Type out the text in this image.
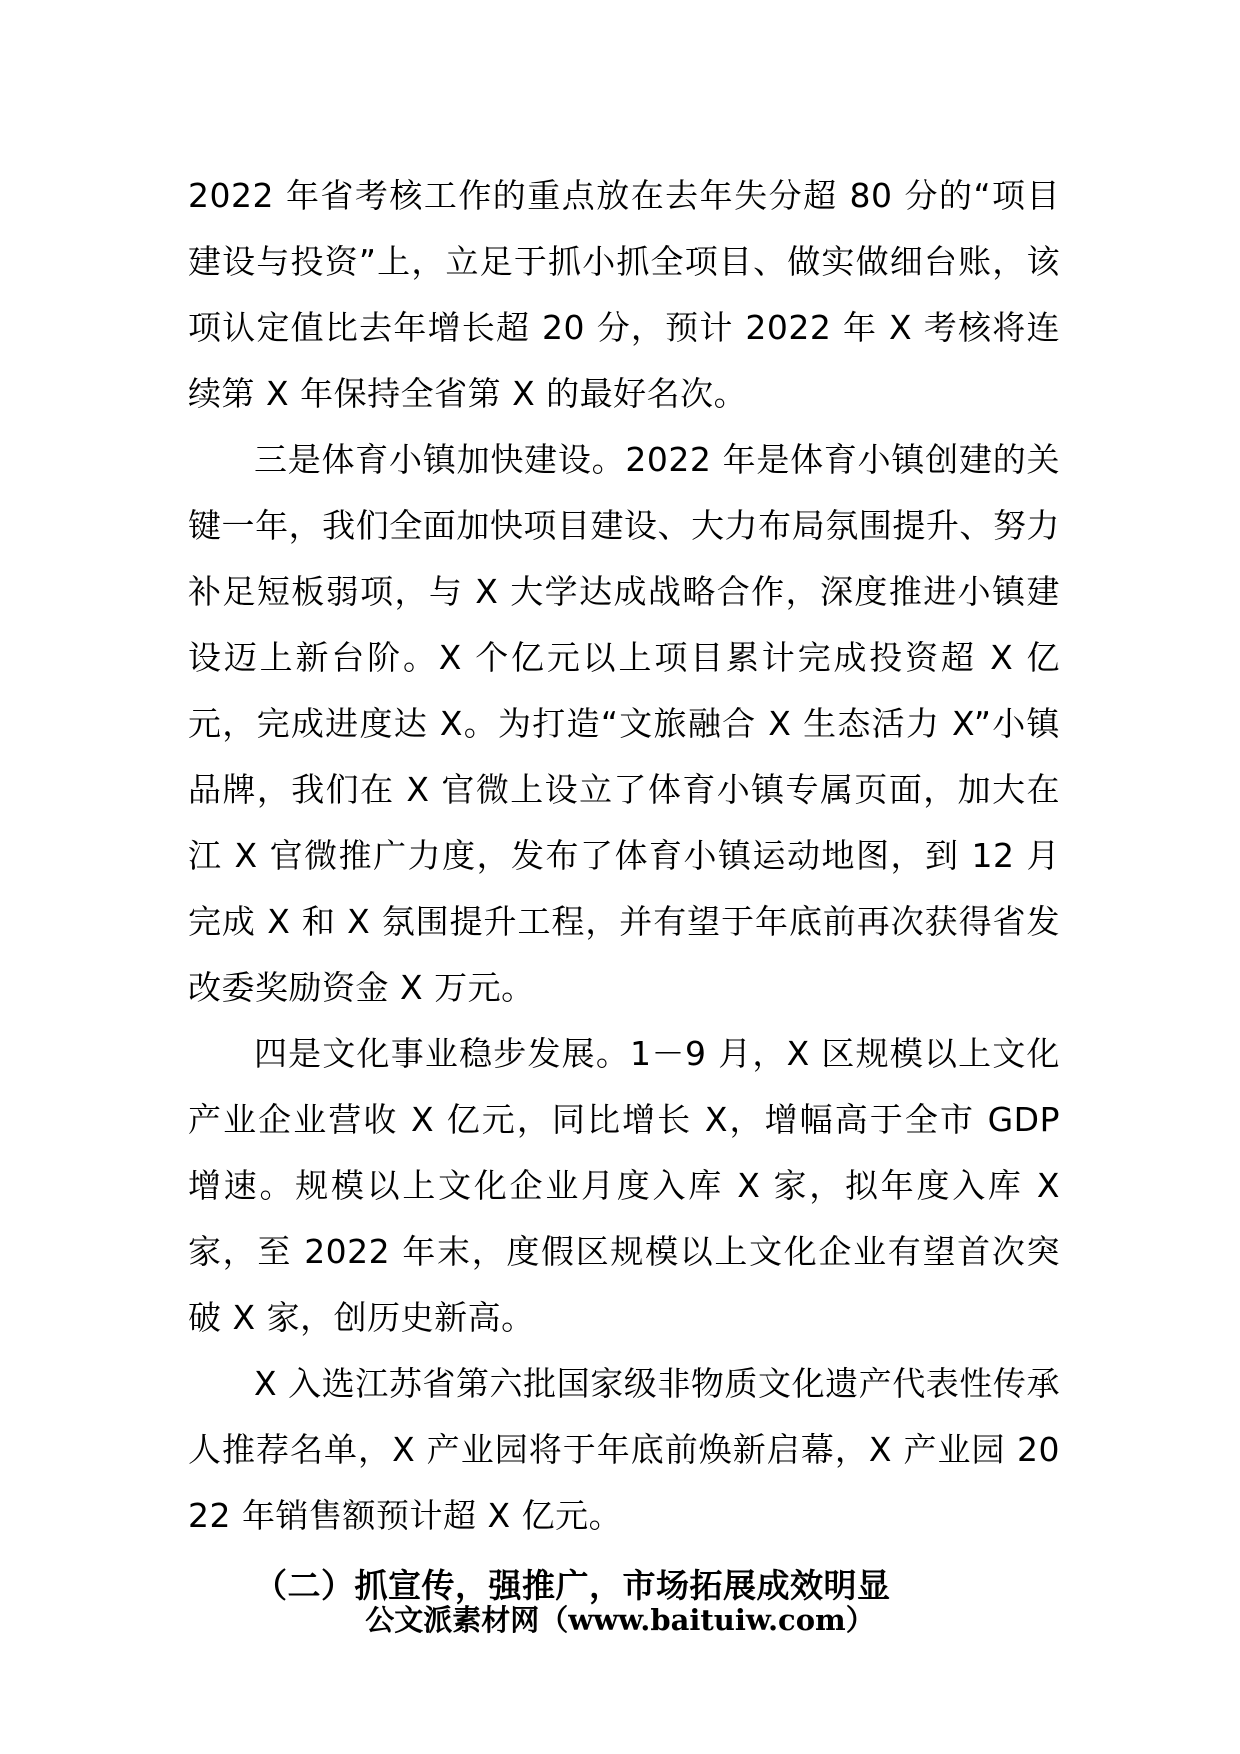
2022 年省考核工作的重点放在去年失分超 80 分的“项目建设与投资”上，立足于抓小抓全项目、做实做细台账，该项认定值比去年增长超 20 分，预计 2022 年 X 考核将连续第 X 年保持全省第 X 的最好名次。

三是体育小镇加快建设。2022 年是体育小镇创建的关键一年，我们全面加快项目建设、大力布局氛围提升、努力补足短板弱项，与 X 大学达成战略合作，深度推进小镇建设迈上新台阶。X 个亿元以上项目累计完成投资超 X 亿元，完成进度达 X。为打造“文旅融合 X 生态活力 X”小镇品牌，我们在 X 官微上设立了体育小镇专属页面，加大在江 X 官微推广力度，发布了体育小镇运动地图，到 12 月完成 X 和 X 氛围提升工程，并有望于年底前再次获得省发改委奖励资金 X 万元。

四是文化事业稳步发展。1－9 月，X 区规模以上文化产业企业营收 X 亿元，同比增长 X，增幅高于全市 GDP 增速。规模以上文化企业月度入库 X 家，拟年度入库 X 家，至 2022 年末，度假区规模以上文化企业有望首次突破 X 家，创历史新高。

X 入选江苏省第六批国家级非物质文化遗产代表性传承人推荐名单，X 产业园将于年底前焕新启幕，X 产业园 2022 年销售额预计超 X 亿元。

（二）抓宣传，强推广，市场拓展成效明显

公文派素材网（www.baituiw.com）
